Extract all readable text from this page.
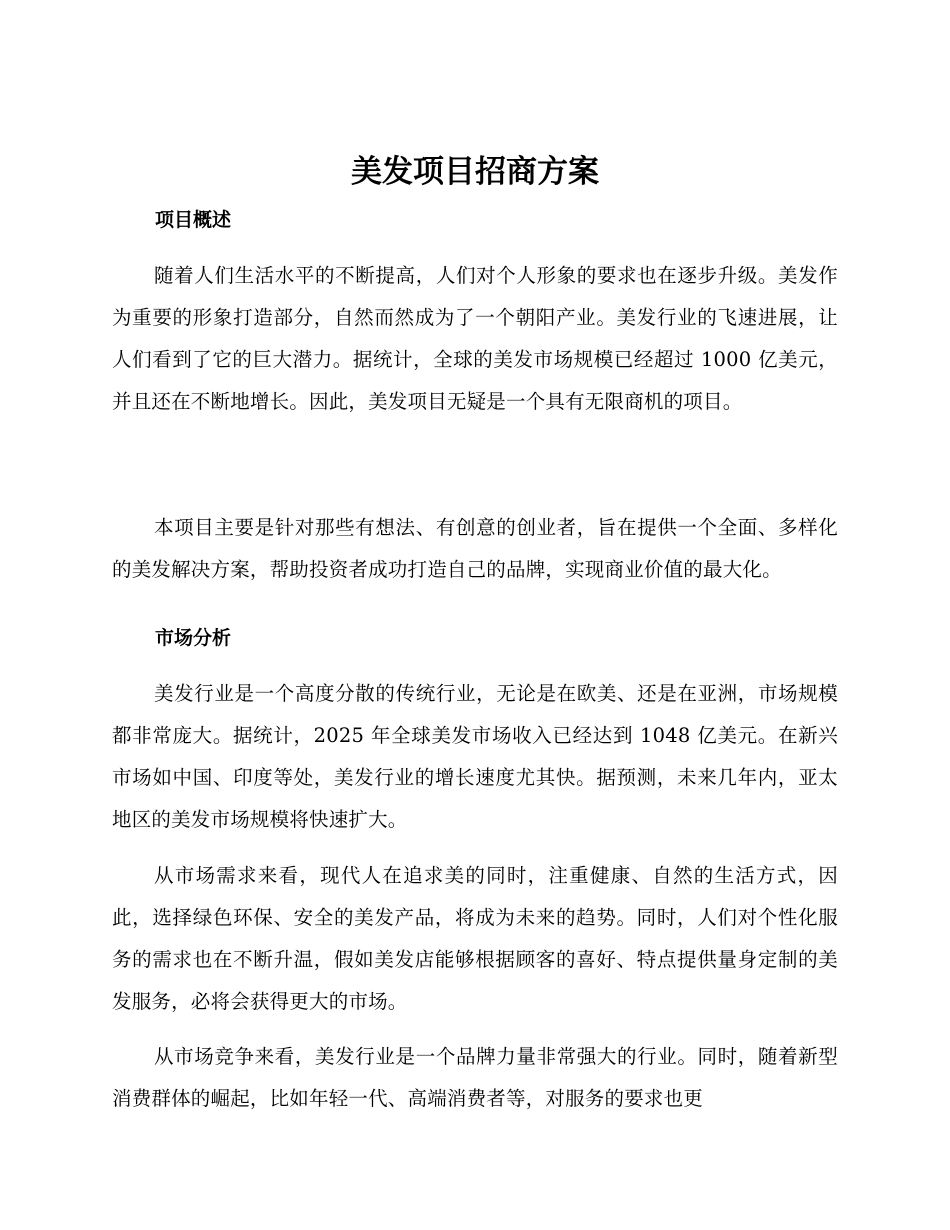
美发项目招商方案
项目概述

随着人们生活水平的不断提高，人们对个人形象的要求也在逐步升级。美发作为重要的形象打造部分，自然而然成为了一个朝阳产业。美发行业的飞速进展，让人们看到了它的巨大潜力。据统计，全球的美发市场规模已经超过 1000 亿美元，并且还在不断地增长。因此，美发项目无疑是一个具有无限商机的项目。

本项目主要是针对那些有想法、有创意的创业者，旨在提供一个全面、多样化的美发解决方案，帮助投资者成功打造自己的品牌，实现商业价值的最大化。

市场分析

美发行业是一个高度分散的传统行业，无论是在欧美、还是在亚洲，市场规模都非常庞大。据统计，2025 年全球美发市场收入已经达到 1048 亿美元。在新兴市场如中国、印度等处，美发行业的增长速度尤其快。据预测，未来几年内，亚太地区的美发市场规模将快速扩大。

从市场需求来看，现代人在追求美的同时，注重健康、自然的生活方式，因此，选择绿色环保、安全的美发产品，将成为未来的趋势。同时，人们对个性化服务的需求也在不断升温，假如美发店能够根据顾客的喜好、特点提供量身定制的美发服务，必将会获得更大的市场。

从市场竞争来看，美发行业是一个品牌力量非常强大的行业。同时，随着新型消费群体的崛起，比如年轻一代、高端消费者等，对服务的要求也更
